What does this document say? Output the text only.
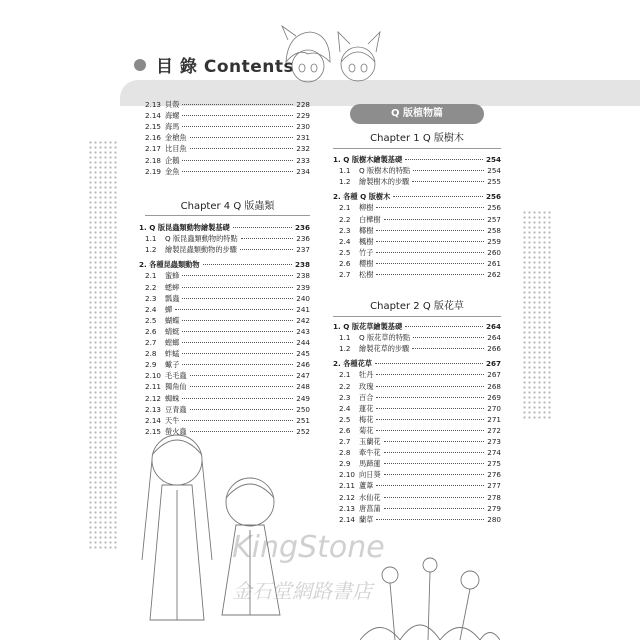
目 錄 Contents
2.13 貝殼	228
2.14 海螺	229
2.15 海馬	230
2.16 金槍魚	231
2.17 比目魚	232
2.18 企鵝	233
2.19 金魚	234
Chapter 4 Q 版蟲類
1. Q 版昆蟲類動物繪製基礎	236
1.1	Q 版昆蟲類動物的特點	236
1.2	繪製昆蟲類動物的步驟	237
2. 各種昆蟲類動物	238
2.1	蜜蜂	238
2.2	蟋蟀	239
2.3	瓢蟲	240
2.4	蟬	241
2.5	蝴蝶	242
2.6	蜻蜓	243
2.7	螳螂	244
2.8	蚱蜢	245
2.9	蠍子	246
2.10 毛毛蟲	247
2.11 獨角仙	248
2.12 蜘蛛	249
2.13 豆青蟲	250
2.14 天牛	251
2.15 螢火蟲	252
Q 版植物篇
Chapter 1 Q 版樹木
1. Q 版樹木繪製基礎	254
1.1	Q 版樹木的特點	254
1.2	繪製樹木的步驟	255
2. 各種 Q 版樹木	256
2.1	柳樹	256
2.2	白樺樹	257
2.3	椰樹	258
2.4	楓樹	259
2.5	竹子	260
2.6	櫻樹	261
2.7	松樹	262
Chapter 2 Q 版花草
1. Q 版花草繪製基礎	264
1.1	Q 版花草的特點	264
1.2	繪製花草的步驟	266
2. 各種花草	267
2.1	牡丹	267
2.2	玫瑰	268
2.3	百合	269
2.4	蓮花	270
2.5	梅花	271
2.6	菊花	272
2.7	玉蘭花	273
2.8	牽牛花	274
2.9	馬蹄蓮	275
2.10 向日葵	276
2.11 蘆葦	277
2.12 水仙花	278
2.13 唐菖蒲	279
2.14 蘭草	280
KingStone
金石堂網路書店
